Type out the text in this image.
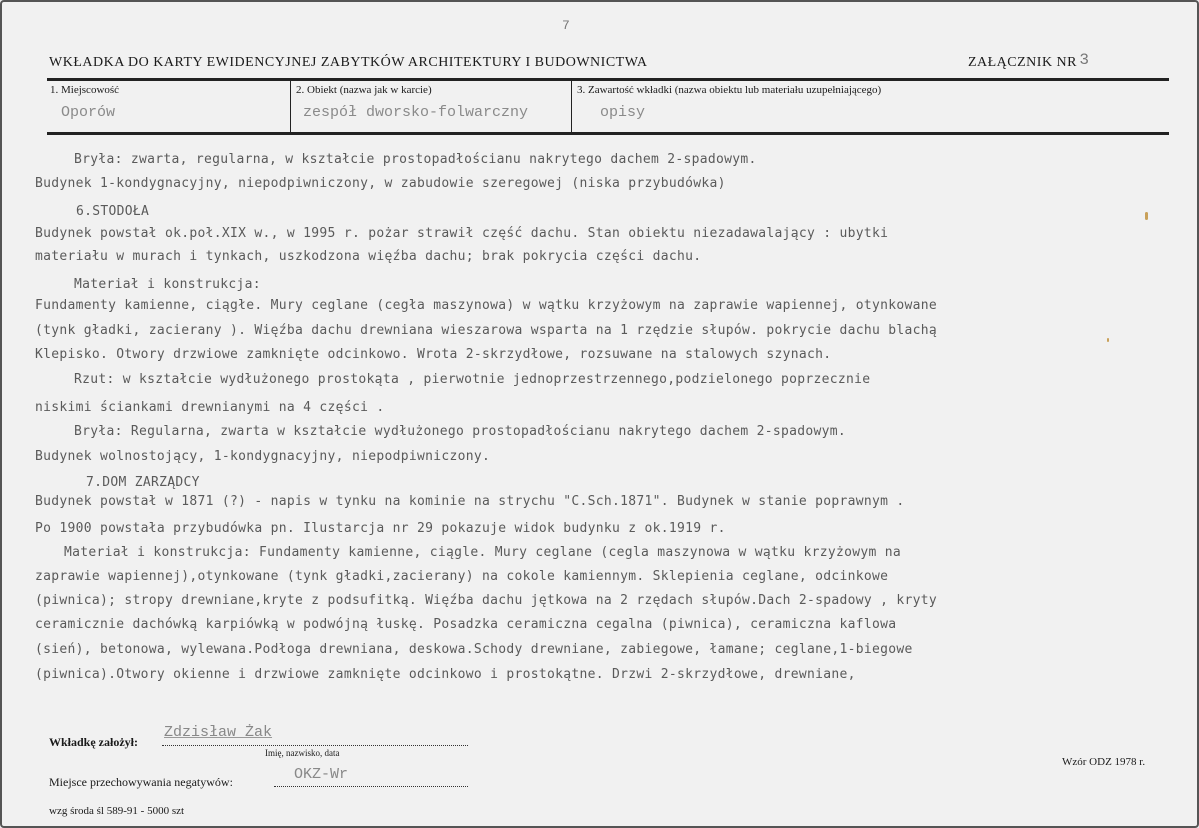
7
WKŁADKA DO KARTY EWIDENCYJNEJ ZABYTKÓW ARCHITEKTURY I BUDOWNICTWA	ZAŁĄCZNIK NR 3
1. Miejscowość
Oporów
2. Obiekt (nazwa jak w karcie)
zespół dworsko-folwarczny
3. Zawartość wkładki (nazwa obiektu lub materiału uzupełniającego)
opisy
Bryła: zwarta, regularna, w kształcie prostopadłościanu nakrytego dachem 2-spadowym.
Budynek 1-kondygnacyjny, niepodpiwniczony, w zabudowie szeregowej (niska przybudówka)
6.STODOŁA
Budynek powstał ok.poł.XIX w., w 1995 r. pożar strawił część dachu. Stan obiektu niezadawalający : ubytki
materiału w murach i tynkach, uszkodzona więźba dachu; brak pokrycia części dachu.
Materiał i konstrukcja:
Fundamenty kamienne, ciągłe. Mury ceglane (cegła maszynowa) w wątku krzyżowym na zaprawie wapiennej, otynkowane
(tynk gładki, zacierany ). Więźba dachu drewniana wieszarowa wsparta na 1 rzędzie słupów. pokrycie dachu blachą
Klepisko. Otwory drzwiowe zamknięte odcinkowo. Wrota 2-skrzydłowe, rozsuwane na stalowych szynach.
Rzut: w kształcie wydłużonego prostokąta , pierwotnie jednoprzestrzennego,podzielonego poprzecznie
niskimi ściankami drewnianymi na 4 części .
Bryła: Regularna, zwarta w kształcie wydłużonego prostopadłościanu nakrytego dachem 2-spadowym.
Budynek wolnostojący, 1-kondygnacyjny, niepodpiwniczony.
7.DOM ZARZĄDCY
Budynek powstał w 1871 (?) - napis w tynku na kominie na strychu "C.Sch.1871". Budynek w stanie poprawnym .
Po 1900 powstała przybudówka pn. Ilustarcja nr 29 pokazuje widok budynku z ok.1919 r.
Materiał i konstrukcja: Fundamenty kamienne, ciągle. Mury ceglane (cegla maszynowa w wątku krzyżowym na
zaprawie wapiennej),otynkowane (tynk gładki,zacierany) na cokole kamiennym. Sklepienia ceglane, odcinkowe
(piwnica); stropy drewniane,kryte z podsufitką. Więźba dachu jętkowa na 2 rzędach słupów.Dach 2-spadowy , kryty
ceramicznie dachówką karpiówką w podwójną łuskę. Posadzka ceramiczna cegalna (piwnica), ceramiczna kaflowa
(sień), betonowa, wylewana.Podłoga drewniana, deskowa.Schody drewniane, zabiegowe, łamane; ceglane,1-biegowe
(piwnica).Otwory okienne i drzwiowe zamknięte odcinkowo i prostokątne. Drzwi 2-skrzydłowe, drewniane,
Wkładkę założył:
Zdzisław Żak
Imię, nazwisko, data
Miejsce przechowywania negatywów:	OKZ-Wr
Wzór ODZ 1978 r.
wzg środa śl 589-91 - 5000 szt
